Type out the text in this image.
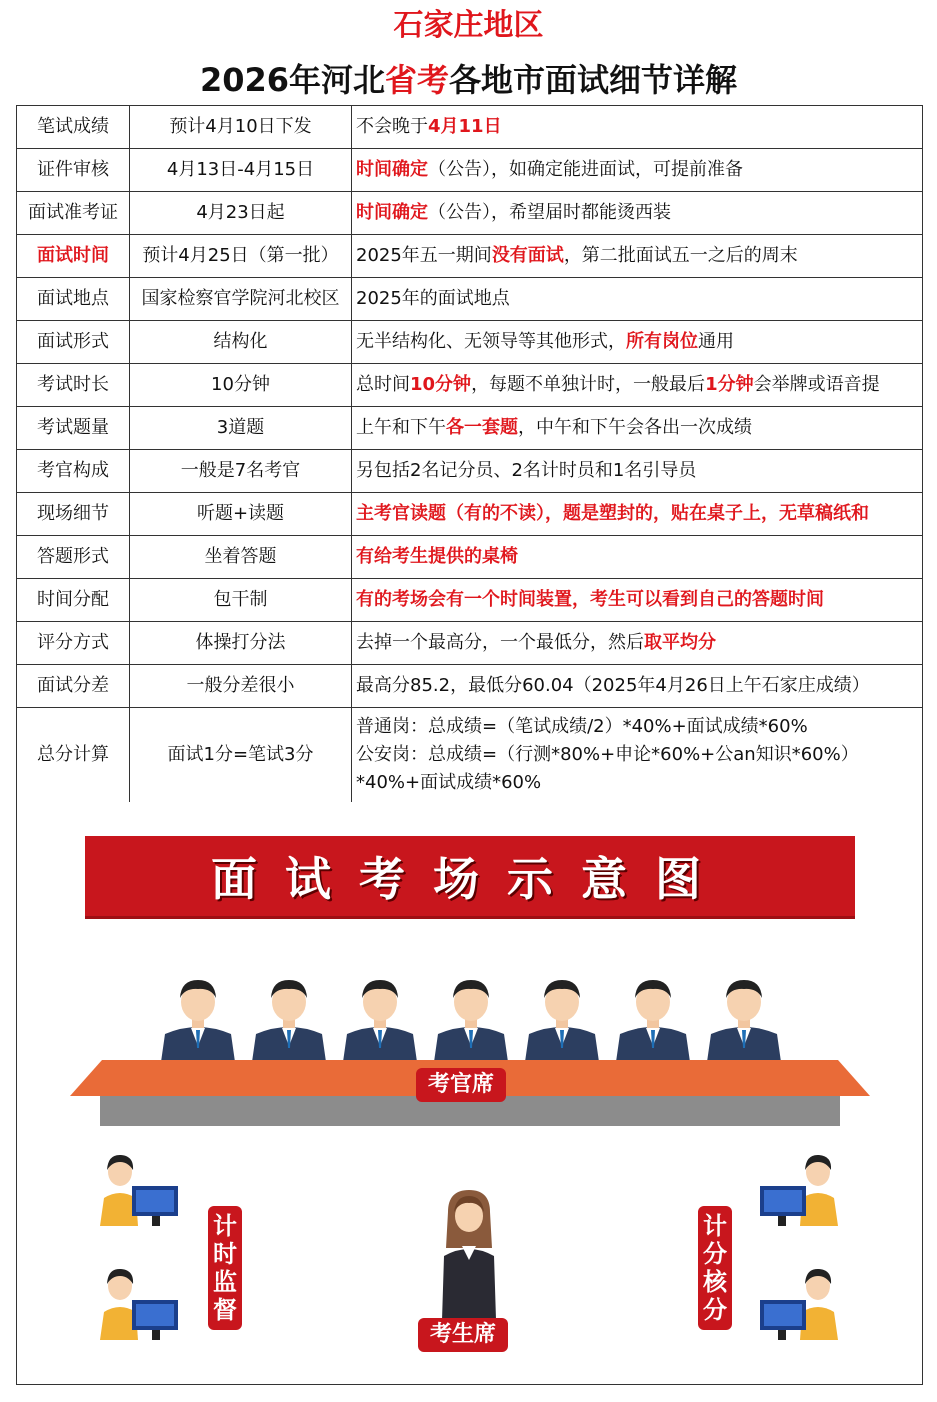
石家庄地区
2026年河北省考各地市面试细节详解
笔试成绩	预计4月10日下发	不会晚于4月11日
证件审核	4月13日-4月15日	时间确定（公告），如确定能进面试，可提前准备
面试准考证	4月23日起	时间确定（公告），希望届时都能烫西装
面试时间	预计4月25日（第一批）	2025年五一期间没有面试，第二批面试五一之后的周末
面试地点	国家检察官学院河北校区	2025年的面试地点
面试形式	结构化	无半结构化、无领导等其他形式，所有岗位通用
考试时长	10分钟	总时间10分钟，每题不单独计时，一般最后1分钟会举牌或语音提
考试题量	3道题	上午和下午各一套题，中午和下午会各出一次成绩
考官构成	一般是7名考官	另包括2名记分员、2名计时员和1名引导员
现场细节	听题+读题	主考官读题（有的不读），题是塑封的，贴在桌子上，无草稿纸和
答题形式	坐着答题	有给考生提供的桌椅
时间分配	包干制	有的考场会有一个时间装置，考生可以看到自己的答题时间
评分方式	体操打分法	去掉一个最高分，一个最低分，然后取平均分
面试分差	一般分差很小	最高分85.2，最低分60.04（2025年4月26日上午石家庄成绩）
总分计算	面试1分=笔试3分	普通岗：总成绩=（笔试成绩/2）*40%+面试成绩*60%
公安岗：总成绩=（行测*80%+申论*60%+公an知识*60%）
*40%+面试成绩*60%
面试考场示意图
考官席
计时监督
计分核分
考生席
